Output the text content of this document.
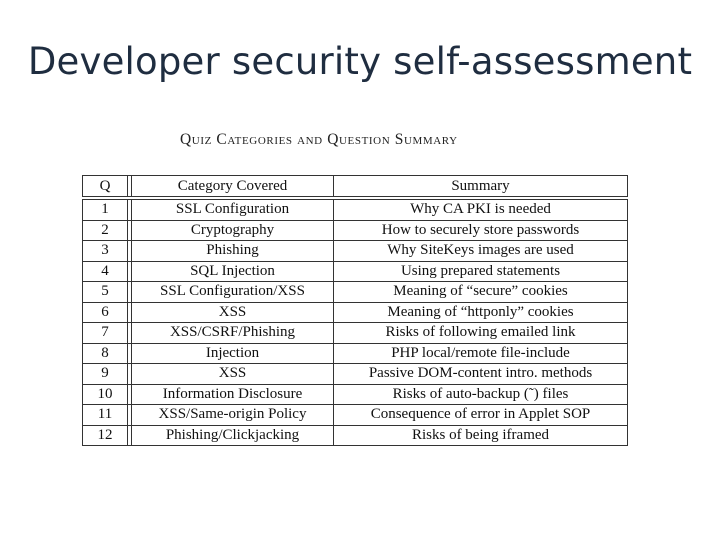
Developer security self-assessment
Quiz Categories and Question Summary
Q		Category Covered	Summary
1		SSL Configuration	Why CA PKI is needed
2		Cryptography	How to securely store passwords
3		Phishing	Why SiteKeys images are used
4		SQL Injection	Using prepared statements
5		SSL Configuration/XSS	Meaning of “secure” cookies
6		XSS	Meaning of “httponly” cookies
7		XSS/CSRF/Phishing	Risks of following emailed link
8		Injection	PHP local/remote file-include
9		XSS	Passive DOM-content intro. methods
10		Information Disclosure	Risks of auto-backup (˜) files
11		XSS/Same-origin Policy	Consequence of error in Applet SOP
12		Phishing/Clickjacking	Risks of being iframed
